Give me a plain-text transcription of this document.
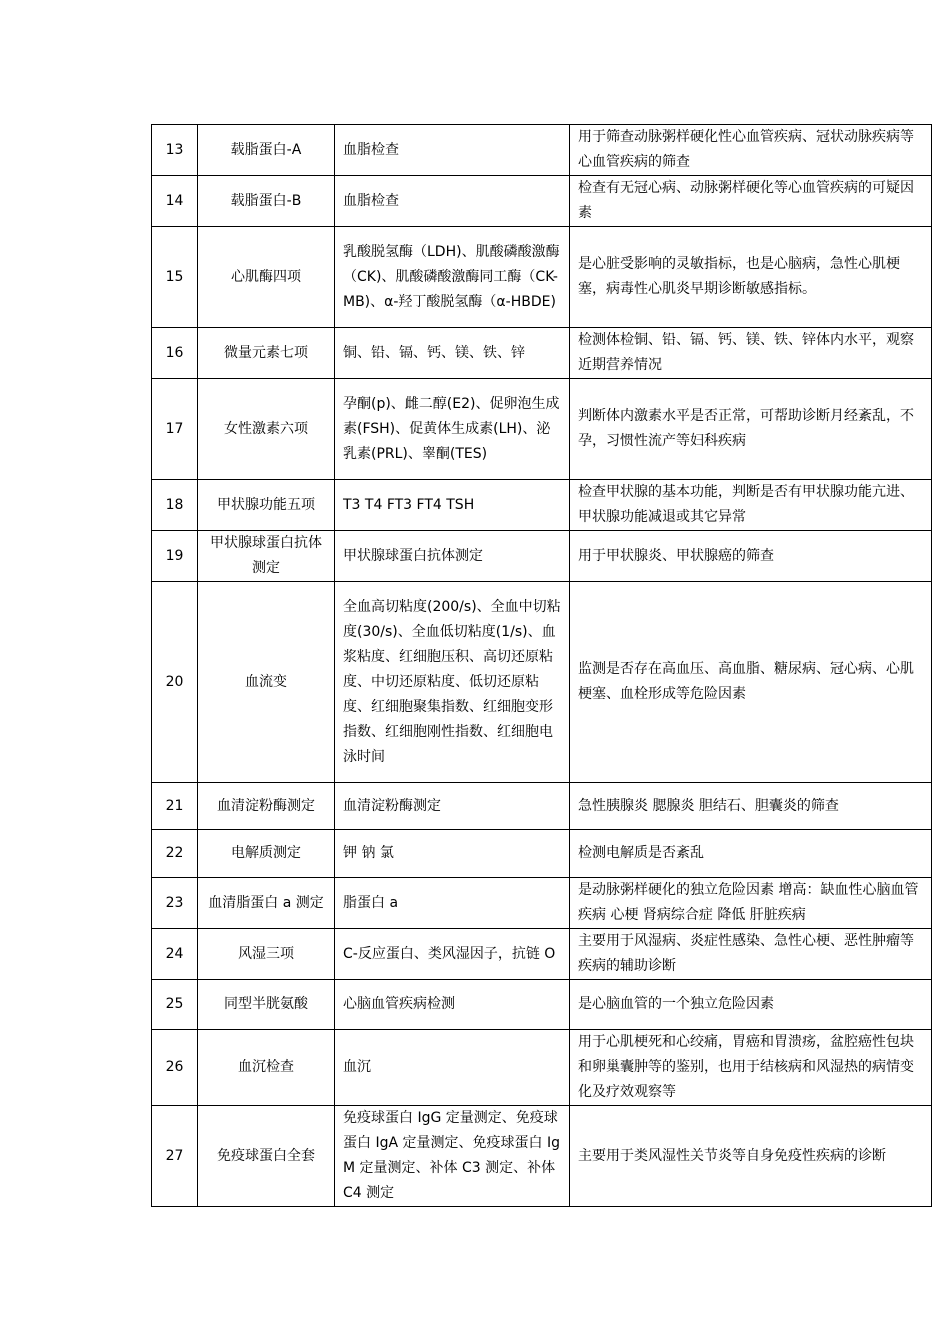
13	载脂蛋白-A	血脂检查	用于筛查动脉粥样硬化性心血管疾病、冠状动脉疾病等心血管疾病的筛查
14	载脂蛋白-B	血脂检查	检查有无冠心病、动脉粥样硬化等心血管疾病的可疑因素
15	心肌酶四项	乳酸脱氢酶（LDH)、肌酸磷酸激酶（CK)、肌酸磷酸激酶同工酶（CK-MB)、α-羟丁酸脱氢酶（α-HBDE)	是心脏受影响的灵敏指标，也是心脑病，急性心肌梗塞，病毒性心肌炎早期诊断敏感指标。
16	微量元素七项	铜、铅、镉、钙、镁、铁、锌	检测体检铜、铅、镉、钙、镁、铁、锌体内水平，观察近期营养情况
17	女性激素六项	孕酮(p)、雌二醇(E2)、促卵泡生成素(FSH)、促黄体生成素(LH)、泌乳素(PRL)、睾酮(TES)	判断体内激素水平是否正常，可帮助诊断月经紊乱，不孕，习惯性流产等妇科疾病
18	甲状腺功能五项	T3 T4 FT3 FT4 TSH	检查甲状腺的基本功能，判断是否有甲状腺功能亢进、甲状腺功能减退或其它异常
19	甲状腺球蛋白抗体测定	甲状腺球蛋白抗体测定	用于甲状腺炎、甲状腺癌的筛查
20	血流变	全血高切粘度(200/s)、全血中切粘度(30/s)、全血低切粘度(1/s)、血浆粘度、红细胞压积、高切还原粘度、中切还原粘度、低切还原粘度、红细胞聚集指数、红细胞变形指数、红细胞刚性指数、红细胞电泳时间	监测是否存在高血压、高血脂、糖尿病、冠心病、心肌梗塞、血栓形成等危险因素
21	血清淀粉酶测定	血清淀粉酶测定	急性胰腺炎 腮腺炎 胆结石、胆囊炎的筛查
22	电解质测定	钾 钠 氯	检测电解质是否紊乱
23	血清脂蛋白 a 测定	脂蛋白 a	是动脉粥样硬化的独立危险因素 增高：缺血性心脑血管疾病 心梗 肾病综合症 降低 肝脏疾病
24	风湿三项	C-反应蛋白、类风湿因子，抗链 O	主要用于风湿病、炎症性感染、急性心梗、恶性肿瘤等疾病的辅助诊断
25	同型半胱氨酸	心脑血管疾病检测	是心脑血管的一个独立危险因素
26	血沉检查	血沉	用于心肌梗死和心绞痛，胃癌和胃溃疡，盆腔癌性包块和卵巢囊肿等的鉴别，也用于结核病和风湿热的病情变化及疗效观察等
27	免疫球蛋白全套	免疫球蛋白 IgG 定量测定、免疫球蛋白 IgA 定量测定、免疫球蛋白 IgM 定量测定、补体 C3 测定、补体 C4 测定	主要用于类风湿性关节炎等自身免疫性疾病的诊断
